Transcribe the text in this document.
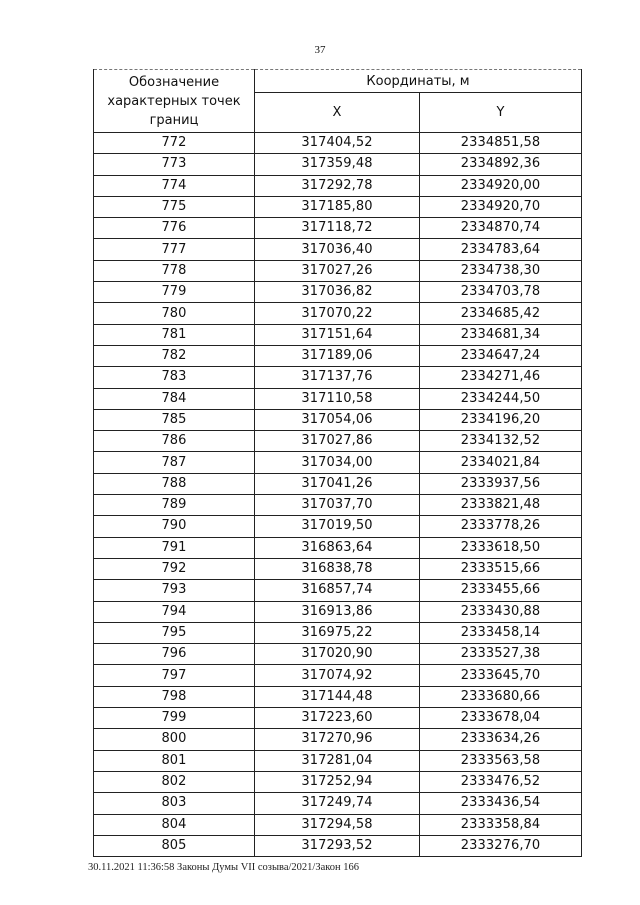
37
Обозначение характерных точек границ	Координаты, м	
	X	Y
772	317404,52	2334851,58
773	317359,48	2334892,36
774	317292,78	2334920,00
775	317185,80	2334920,70
776	317118,72	2334870,74
777	317036,40	2334783,64
778	317027,26	2334738,30
779	317036,82	2334703,78
780	317070,22	2334685,42
781	317151,64	2334681,34
782	317189,06	2334647,24
783	317137,76	2334271,46
784	317110,58	2334244,50
785	317054,06	2334196,20
786	317027,86	2334132,52
787	317034,00	2334021,84
788	317041,26	2333937,56
789	317037,70	2333821,48
790	317019,50	2333778,26
791	316863,64	2333618,50
792	316838,78	2333515,66
793	316857,74	2333455,66
794	316913,86	2333430,88
795	316975,22	2333458,14
796	317020,90	2333527,38
797	317074,92	2333645,70
798	317144,48	2333680,66
799	317223,60	2333678,04
800	317270,96	2333634,26
801	317281,04	2333563,58
802	317252,94	2333476,52
803	317249,74	2333436,54
804	317294,58	2333358,84
805	317293,52	2333276,70
30.11.2021 11:36:58 Законы Думы VII созыва/2021/Закон 166
